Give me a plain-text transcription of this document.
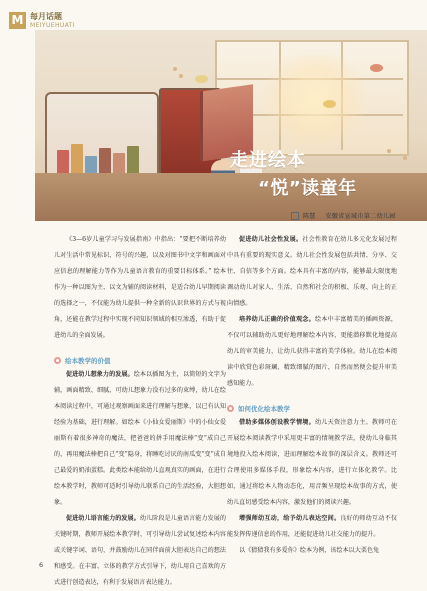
M 每月话题
MEIYUEHUATI
走进绘本
“悦”读童年
陈慧 安徽省宣城市第二幼儿园

《3—6岁儿童学习与发展指南》中指出：“要把不断培养幼儿对生活中常见标识、符号的兴趣，以及对图书中文字和画面对应信息的理解能力等作为儿童语言教育的重要目标体系。” 绘本作为一种以图为主、以文为辅的阅读材料，是适合幼儿早期阅读的选择之一，不仅能为幼儿提供一种全新的认识世界的方式与视角，还能在教学过程中实现不同知识领域的相互渗透，有助于促进幼儿的全面发展。

绘本教学的价值

促进幼儿想象力的发展。绘本以插图为主，以简短的文字为辅，画面精致、细腻，可幼儿想象力没有过多的束缚，幼儿在绘本阅读过程中，可通过观察画面来进行理解与想象，以已有认知经验为基础，进行理解。如绘本《小仙女爱丽斯》中的小仙女爱丽斯有着很多神奇的魔法，把爸爸的拼手用魔法棒“变”成自己的，再用魔法棒把自己“变”隐身，将睡吃讨厌的南瓜变“变”成自己最爱的奶油蛋糕。此类绘本能给幼儿直观真实的画面，在进行绘本教学时，教师可适时引导幼儿联系自己的生活经验，大胆想象。

促进幼儿语言能力的发展。幼儿阶段是儿童语言能力发展的关键时期，教师开展绘本教学时，可引导幼儿尝试复述绘本内容或关键字词、语句，并鼓励幼儿在同伴面前大胆表达自己的想法和感受。在丰富、立体的教学方式引导下，幼儿用自己喜欢的方式进行创造表达，有利于发展语言表达能力。

促进幼儿社会性发展。社会性教育在幼儿多元化发展过程中具有重要的现实意义。幼儿社会性发展包括共情、分享、交往、自信等多个方面。绘本具有丰富的内容，能够最大限度地调动幼儿对家人、生活、自然和社会的积极、乐观、向上的正向情感。

培养幼儿正确的价值观念。绘本中丰富精美的插画资源，不仅可以辅助幼儿更好地理解绘本内容，更能潜移默化地提高幼儿的审美能力，让幼儿获得丰富的美学体验。幼儿在绘本阅读中欣赏色彩斑斓、精致细腻的图片，自然而然便会提升审美感知能力。

如何优化绘本教学

借助多媒体创设教学情境。幼儿天资注意力主。教师可在开展绘本阅读教学中采用更丰富的情境教学法，使幼儿身临其境地投入绘本阅读，进而理解绘本故事的深层含义。教师还可合理使用多媒体手段，形象绘本内容，进行立体化教学。比如，通过将绘本人物动态化，用音频呈现绘本故事的方式，使幼儿直切感受绘本内容，激发他们的阅读兴趣。

增强师幼互动，给予幼儿表达空间。良好的师幼互动不仅能发挥传递信息的作用，还能促进幼儿社交能力的提升。

以《猜猜我有多爱你》绘本为例，该绘本以大栗色兔

6
